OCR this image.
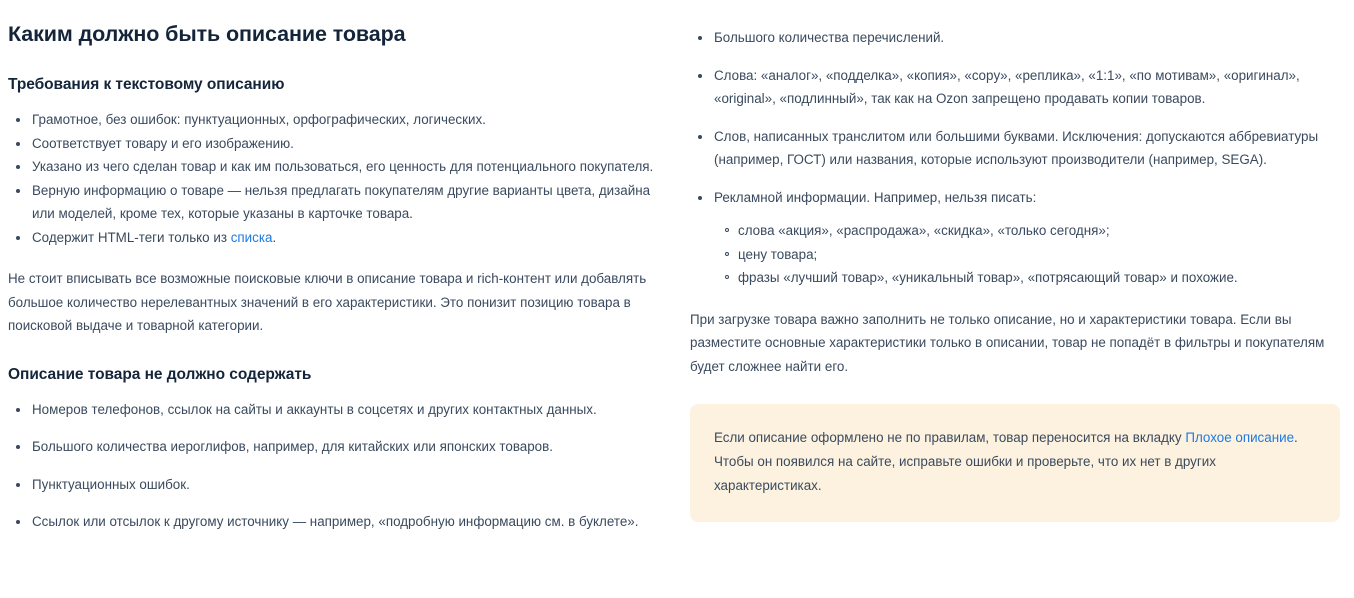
Каким должно быть описание товара
Требования к текстовому описанию
Грамотное, без ошибок: пунктуационных, орфографических, логических.
Соответствует товару и его изображению.
Указано из чего сделан товар и как им пользоваться, его ценность для потенциального покупателя.
Верную информацию о товаре — нельзя предлагать покупателям другие варианты цвета, дизайна или моделей, кроме тех, которые указаны в карточке товара.
Содержит HTML-теги только из списка.

Не стоит вписывать все возможные поисковые ключи в описание товара и rich-контент или добавлять большое количество нерелевантных значений в его характеристики. Это понизит позицию товара в поисковой выдаче и товарной категории.

Описание товара не должно содержать
Номеров телефонов, ссылок на сайты и аккаунты в соцсетях и других контактных данных.
Большого количества иероглифов, например, для китайских или японских товаров.
Пунктуационных ошибок.
Ссылок или отсылок к другому источнику — например, «подробную информацию см. в буклете».
Большого количества перечислений.
Слова: «аналог», «подделка», «копия», «copy», «реплика», «1:1», «по мотивам», «оригинал», «original», «подлинный», так как на Ozon запрещено продавать копии товаров.
Слов, написанных транслитом или большими буквами. Исключения: допускаются аббревиатуры (например, ГОСТ) или названия, которые используют производители (например, SEGA).
Рекламной информации. Например, нельзя писать:
слова «акция», «распродажа», «скидка», «только сегодня»;
цену товара;
фразы «лучший товар», «уникальный товар», «потрясающий товар» и похожие.

При загрузке товара важно заполнить не только описание, но и характеристики товара. Если вы разместите основные характеристики только в описании, товар не попадёт в фильтры и покупателям будет сложнее найти его.

Если описание оформлено не по правилам, товар переносится на вкладку Плохое описание. Чтобы он появился на сайте, исправьте ошибки и проверьте, что их нет в других характеристиках.
